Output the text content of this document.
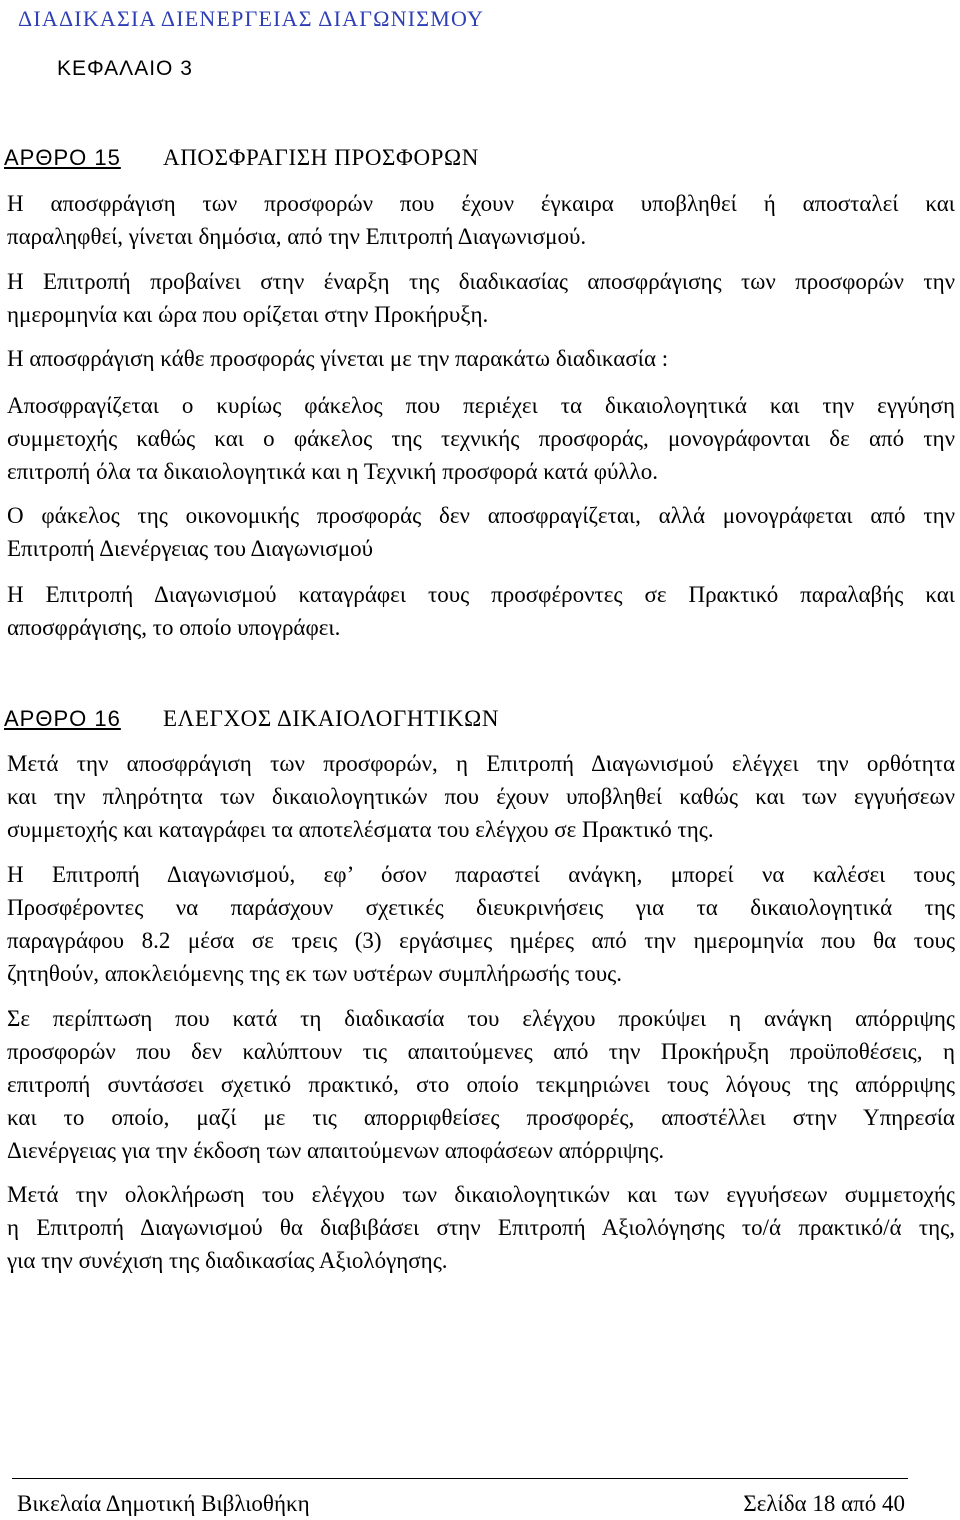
ΔΙΑΔΙΚΑΣΙΑ ΔΙΕΝΕΡΓΕΙΑΣ ΔΙΑΓΩΝΙΣΜΟΥ
ΚΕΦΑΛΑΙΟ 3
ΑΡΘΡΟ 15 ΑΠΟΣΦΡΑΓΙΣΗ ΠΡΟΣΦΟΡΩΝ
Η αποσφράγιση των προσφορών που έχουν έγκαιρα υποβληθεί ή αποσταλεί και
παραληφθεί, γίνεται δημόσια, από την Επιτροπή Διαγωνισμού.
Η Επιτροπή προβαίνει στην έναρξη της διαδικασίας αποσφράγισης των προσφορών την
ημερομηνία και ώρα που ορίζεται στην Προκήρυξη.
Η αποσφράγιση κάθε προσφοράς γίνεται με την παρακάτω διαδικασία :
Αποσφραγίζεται ο κυρίως φάκελος που περιέχει τα δικαιολογητικά και την εγγύηση
συμμετοχής καθώς και ο φάκελος της τεχνικής προσφοράς, μονογράφονται δε από την
επιτροπή όλα τα δικαιολογητικά και η Τεχνική προσφορά κατά φύλλο.
Ο φάκελος της οικονομικής προσφοράς δεν αποσφραγίζεται, αλλά μονογράφεται από την
Επιτροπή Διενέργειας του Διαγωνισμού
Η Επιτροπή Διαγωνισμού καταγράφει τους προσφέροντες σε Πρακτικό παραλαβής και
αποσφράγισης, το οποίο υπογράφει.
ΑΡΘΡΟ 16 ΕΛΕΓΧΟΣ ΔΙΚΑΙΟΛΟΓΗΤΙΚΩΝ
Μετά την αποσφράγιση των προσφορών, η Επιτροπή Διαγωνισμού ελέγχει την ορθότητα
και την πληρότητα των δικαιολογητικών που έχουν υποβληθεί καθώς και των εγγυήσεων
συμμετοχής και καταγράφει τα αποτελέσματα του ελέγχου σε Πρακτικό της.
Η Επιτροπή Διαγωνισμού, εφ’ όσον παραστεί ανάγκη, μπορεί να καλέσει τους
Προσφέροντες να παράσχουν σχετικές διευκρινήσεις για τα δικαιολογητικά της
παραγράφου 8.2 μέσα σε τρεις (3) εργάσιμες ημέρες από την ημερομηνία που θα τους
ζητηθούν, αποκλειόμενης της εκ των υστέρων συμπλήρωσής τους.
Σε περίπτωση που κατά τη διαδικασία του ελέγχου προκύψει η ανάγκη απόρριψης
προσφορών που δεν καλύπτουν τις απαιτούμενες από την Προκήρυξη προϋποθέσεις, η
επιτροπή συντάσσει σχετικό πρακτικό, στο οποίο τεκμηριώνει τους λόγους της απόρριψης
και το οποίο, μαζί με τις απορριφθείσες προσφορές, αποστέλλει στην Υπηρεσία
Διενέργειας για την έκδοση των απαιτούμενων αποφάσεων απόρριψης.
Μετά την ολοκλήρωση του ελέγχου των δικαιολογητικών και των εγγυήσεων συμμετοχής
η Επιτροπή Διαγωνισμού θα διαβιβάσει στην Επιτροπή Αξιολόγησης το/ά πρακτικό/ά της,
για την συνέχιση της διαδικασίας Αξιολόγησης.
Βικελαία Δημοτική Βιβλιοθήκη	Σελίδα 18 από 40
